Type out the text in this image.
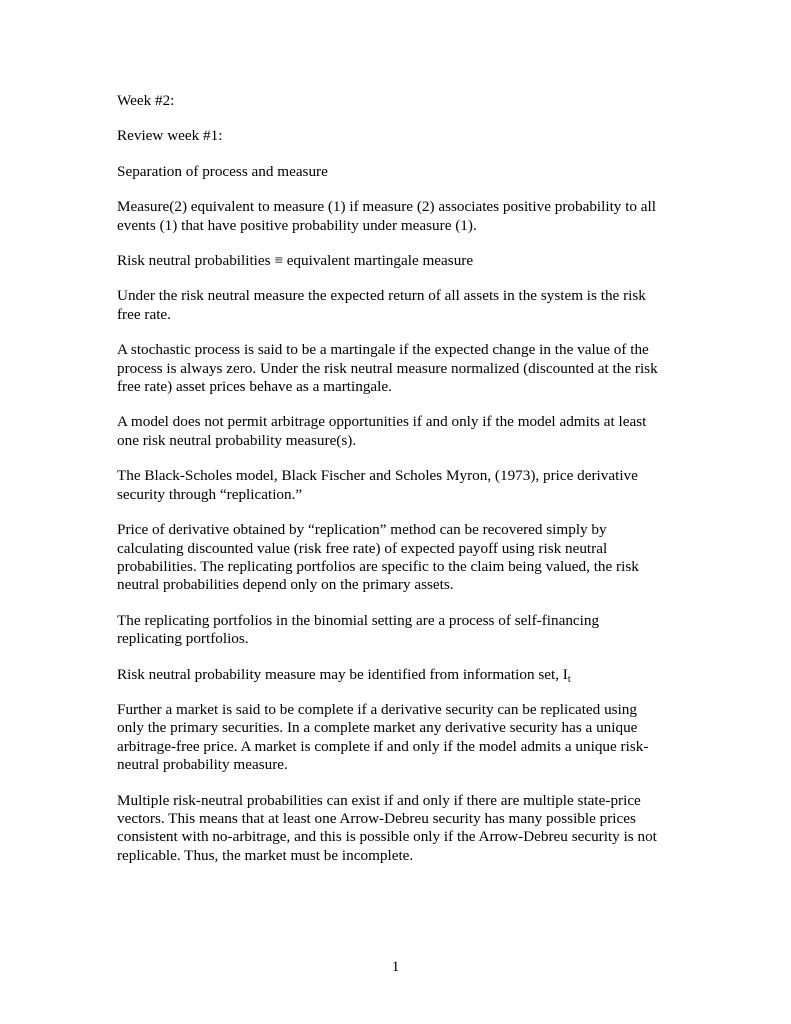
Week #2:
Review week #1:
Separation of process and measure
Measure(2) equivalent to measure (1) if measure (2) associates positive probability to all
events (1) that have positive probability under measure (1).
Risk neutral probabilities ≡ equivalent martingale measure
Under the risk neutral measure the expected return of all assets in the system is the risk
free rate.
A stochastic process is said to be a martingale if the expected change in the value of the
process is always zero. Under the risk neutral measure normalized (discounted at the risk
free rate) asset prices behave as a martingale.
A model does not permit arbitrage opportunities if and only if the model admits at least
one risk neutral probability measure(s).
The Black-Scholes model, Black Fischer and Scholes Myron, (1973), price derivative
security through “replication.”
Price of derivative obtained by “replication” method can be recovered simply by
calculating discounted value (risk free rate) of expected payoff using risk neutral
probabilities. The replicating portfolios are specific to the claim being valued, the risk
neutral probabilities depend only on the primary assets.
The replicating portfolios in the binomial setting are a process of self-financing
replicating portfolios.
Risk neutral probability measure may be identified from information set, $I_t$
Further a market is said to be complete if a derivative security can be replicated using
only the primary securities. In a complete market any derivative security has a unique
arbitrage-free price. A market is complete if and only if the model admits a unique risk-
neutral probability measure.
Multiple risk-neutral probabilities can exist if and only if there are multiple state-price
vectors. This means that at least one Arrow-Debreu security has many possible prices
consistent with no-arbitrage, and this is possible only if the Arrow-Debreu security is not
replicable. Thus, the market must be incomplete.
1
